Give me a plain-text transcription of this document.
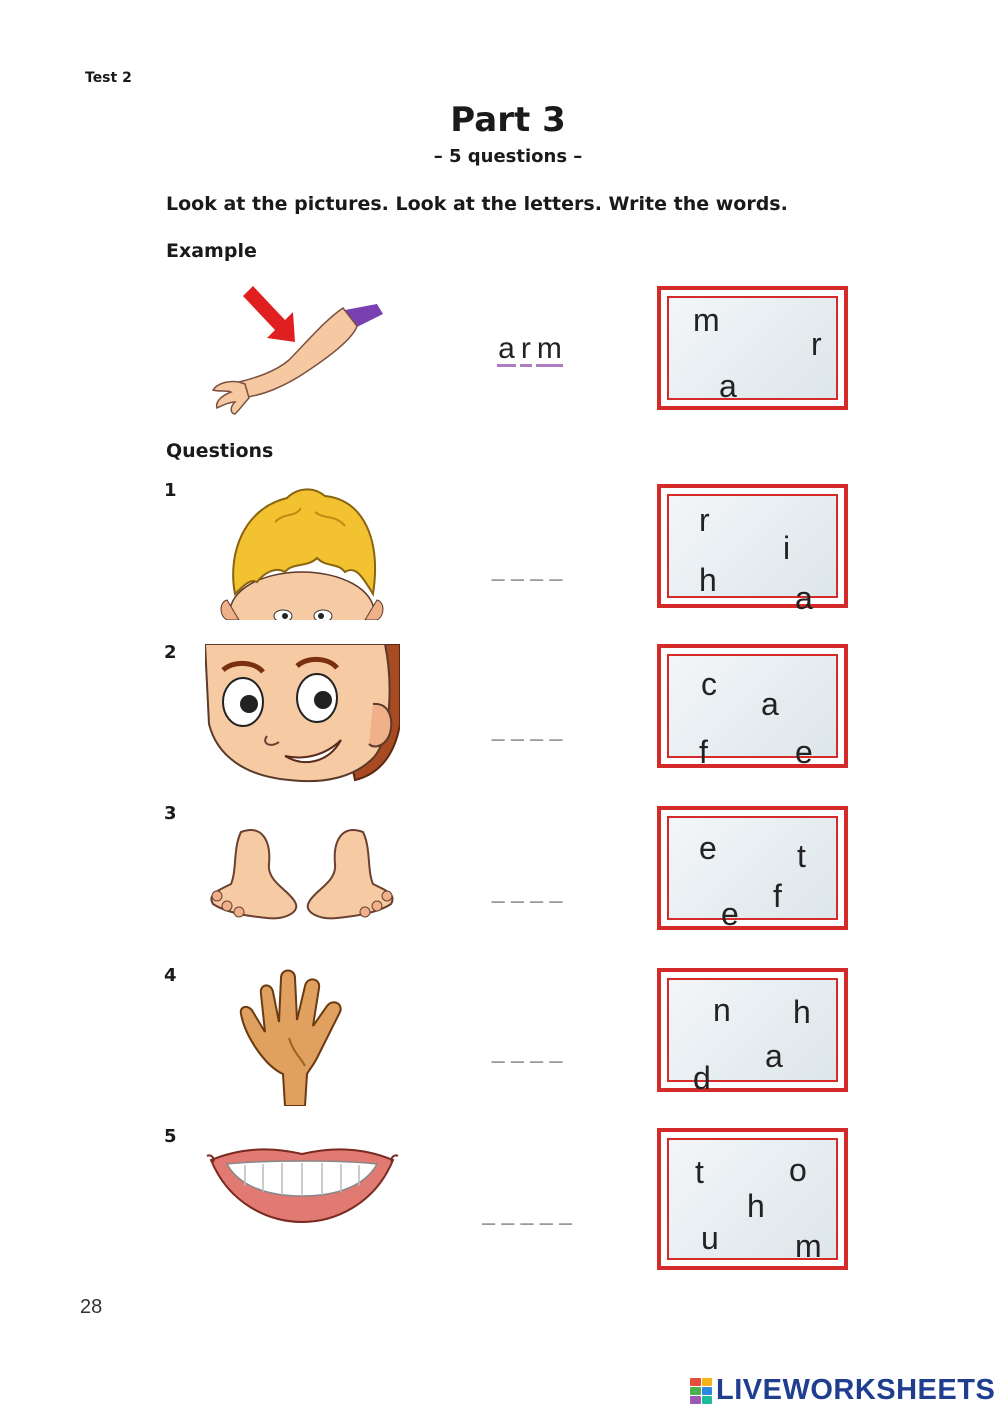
Test 2
Part 3
– 5 questions –
Look at the pictures. Look at the letters. Write the words.
Example
a r m
m
r
a
Questions
1
____
r
i
h a
2
____
c
a
f	e
3
____
e	t
f
e
4
____
n h
a
d
5
_____
t	o
h
u m
28
LIVEWORKSHEETS
